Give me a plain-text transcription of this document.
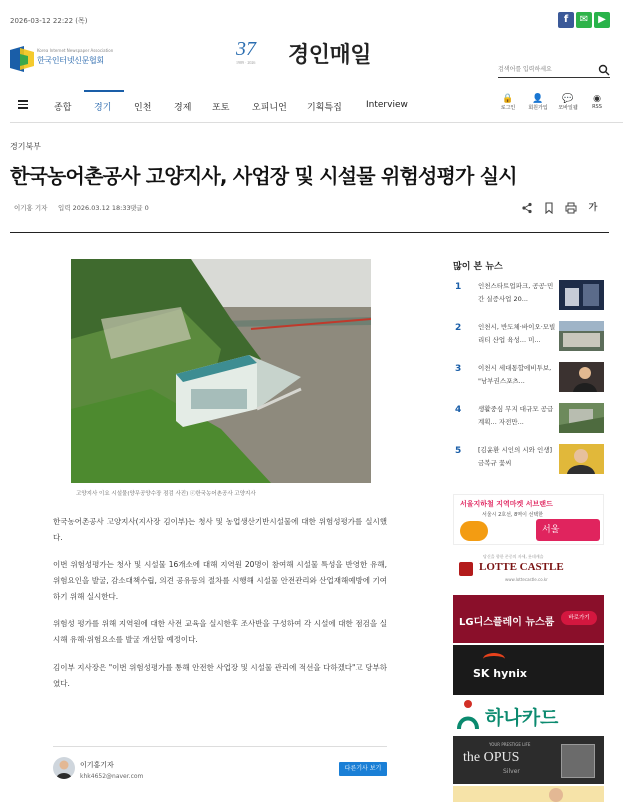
2026-03-12 22:22 (목)	f	✉ ▶
Korea Internet Newspaper Association
한국인터넷신문협회
37
1989 · 2026 경인매일
검색어를 입력하세요
종합	경기	인천	경제 포토	오피니언 기획특집	Interview
🔒
로그인
👤
회원가입
💬
모바일웹
◉
RSS
경기북부
한국농어촌공사 고양지사, 사업장 및 시설물 위험성평가 실시
이기홍 기자 입력 2026.03.12 18:33 댓글 0	가
고양지사 이요 시설물(양무공양수장 점검 사진) ⓒ한국농어촌공사 고양지사

한국농어촌공사 고양지사(지사장 김이부)는 청사 및 농업생산기반시설물에 대한 위험성평가를 실시했다.

이번 위험성평가는 청사 및 시설물 16개소에 대해 지역원 20명이 참여해 시설물 특성을 반영한 유해, 위험요인을 발굴, 감소대책수립, 의견 공유등의 절차를 시행해 시설물 안전관리와 산업재해예방에 기여하기 위해 실시한다.

위험성 평가를 위해 지역원에 대한 사전 교육을 실시한후 조사반을 구성하여 각 시설에 대한 점검을 실시해 유해·위험요소를 발굴 개선할 예정이다.

김이부 지사장은 "이번 위험성평가를 통해 안전한 사업장 및 시설물 관리에 적선을 다하겠다"고 당부하였다.

이기홍기자
khk4652@naver.com
다른기사 보기
많이 본 뉴스
1	인천스타트업파크, 공공·민간 실증사업 20...
2	인천시, 반도체·바이오·모빌리티 산업 육성... 미...
3	이천시 세대통합에비투보, "남부권스포츠...
4	생활중심 무지 대규모 공급 계획... 자전만...
5	[김윤환 시인의 시와 인생] 금복규 꽃씨
서울지하철 지역마켓 서브랜드
서울시 2호선, 8역이 선택한
서울
당신을 향한 존중의 자세, 롯데캐슬
LOTTE CASTLE
www.lottecastle.co.kr
LG디스플레이 뉴스룸	바로가기
SK hynix
하나카드
YOUR PRESTIGE LIFE
the OPUS
Silver
